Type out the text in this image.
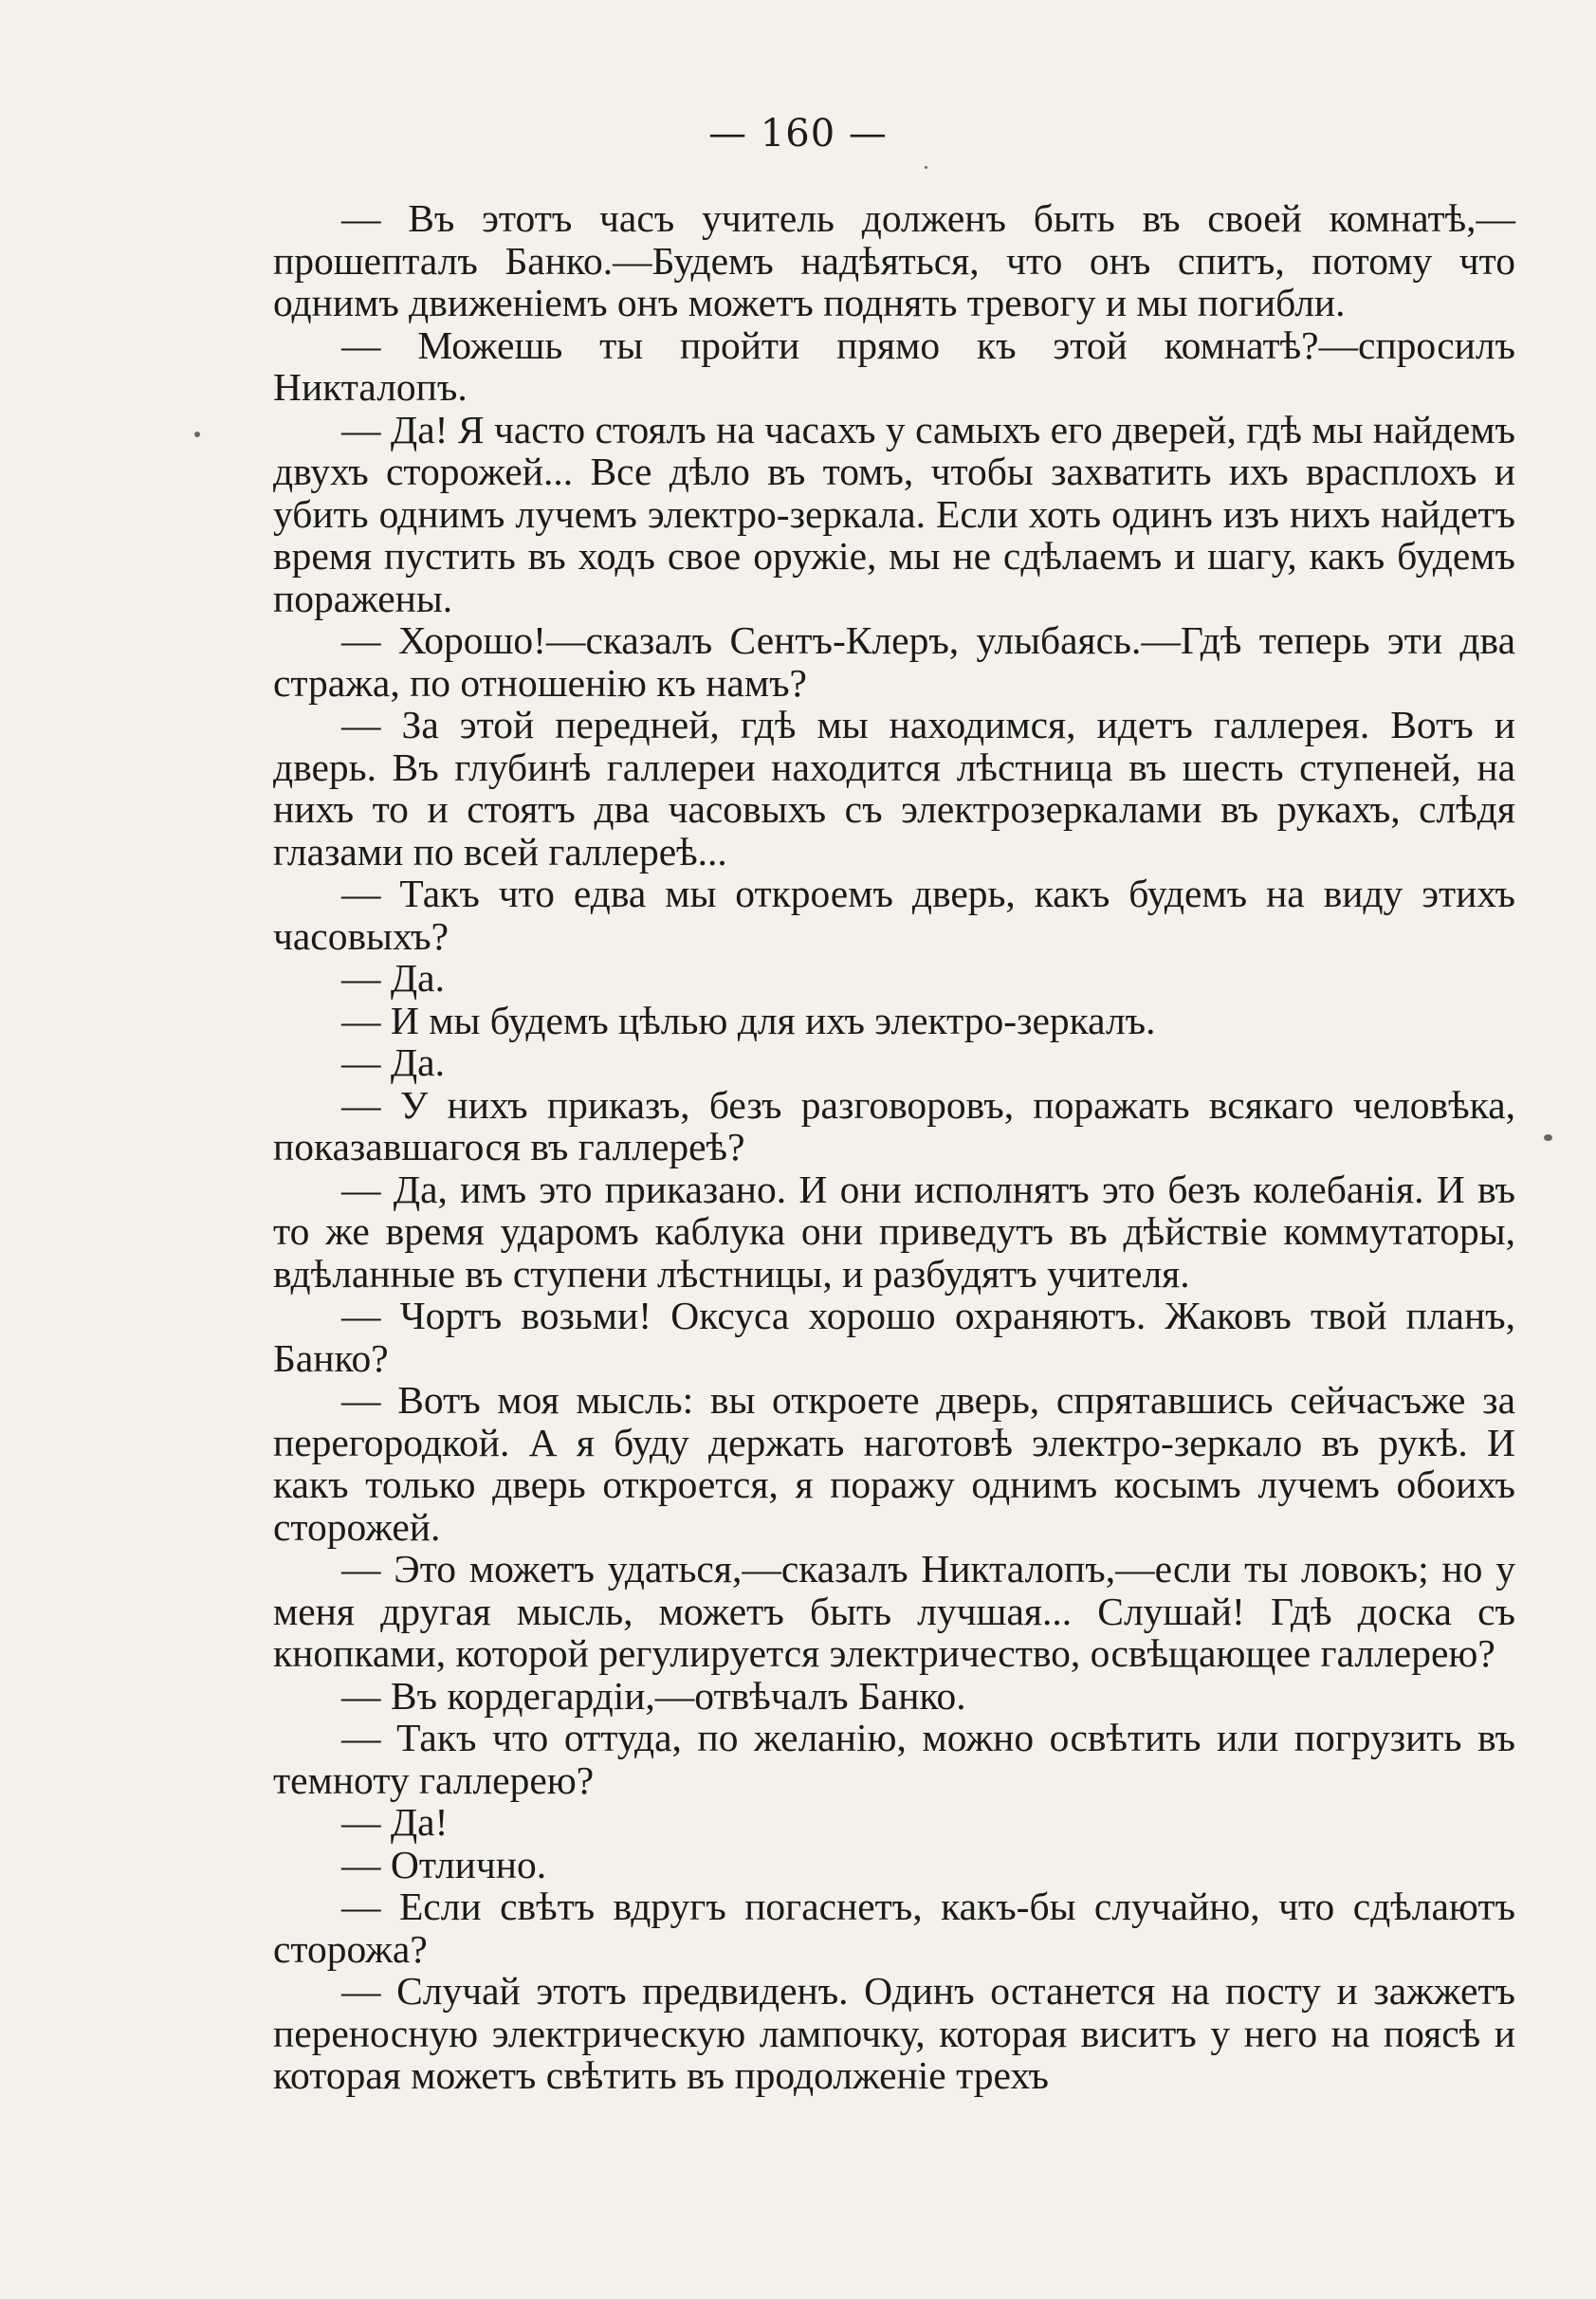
— 160 —

— Въ этотъ часъ учитель долженъ быть въ своей комнатѣ,— прошепталъ Банко.—Будемъ надѣяться, что онъ спитъ, потому что однимъ движеніемъ онъ можетъ поднять тревогу и мы погибли.

— Можешь ты пройти прямо къ этой комнатѣ?—спросилъ Никталопъ.

— Да! Я часто стоялъ на часахъ у самыхъ его дверей, гдѣ мы найдемъ двухъ сторожей... Все дѣло въ томъ, чтобы захватить ихъ врасплохъ и убить однимъ лучемъ электро-зеркала. Если хоть одинъ изъ нихъ найдетъ время пустить въ ходъ свое оружіе, мы не сдѣлаемъ и шагу, какъ будемъ поражены.

— Хорошо!—сказалъ Сентъ-Клеръ, улыбаясь.—Гдѣ теперь эти два стража, по отношенію къ намъ?

— За этой передней, гдѣ мы находимся, идетъ галлерея. Вотъ и дверь. Въ глубинѣ галлереи находится лѣстница въ шесть ступеней, на нихъ то и стоятъ два часовыхъ съ электрозеркалами въ рукахъ, слѣдя глазами по всей галлереѣ...

— Такъ что едва мы откроемъ дверь, какъ будемъ на виду этихъ часовыхъ?

— Да.

— И мы будемъ цѣлью для ихъ электро-зеркалъ.

— Да.

— У нихъ приказъ, безъ разговоровъ, поражать всякаго человѣка, показавшагося въ галлереѣ?

— Да, имъ это приказано. И они исполнятъ это безъ колебанія. И въ то же время ударомъ каблука они приведутъ въ дѣйствіе коммутаторы, вдѣланные въ ступени лѣстницы, и разбудятъ учителя.

— Чортъ возьми! Оксуса хорошо охраняютъ. Жаковъ твой планъ, Банко?

— Вотъ моя мысль: вы откроете дверь, спрятавшись сейчасъже за перегородкой. А я буду держать наготовѣ электро-зеркало въ рукѣ. И какъ только дверь откроется, я поражу однимъ косымъ лучемъ обоихъ сторожей.

— Это можетъ удаться,—сказалъ Никталопъ,—если ты ловокъ; но у меня другая мысль, можетъ быть лучшая... Слушай! Гдѣ доска съ кнопками, которой регулируется электричество, освѣщающее галлерею?

— Въ кордегардіи,—отвѣчалъ Банко.

— Такъ что оттуда, по желанію, можно освѣтить или погрузить въ темноту галлерею?

— Да!

— Отлично.

— Если свѣтъ вдругъ погаснетъ, какъ-бы случайно, что сдѣлаютъ сторожа?

— Случай этотъ предвиденъ. Одинъ останется на посту и зажжетъ переносную электрическую лампочку, которая виситъ у него на поясѣ и которая можетъ свѣтить въ продолженіе трехъ
